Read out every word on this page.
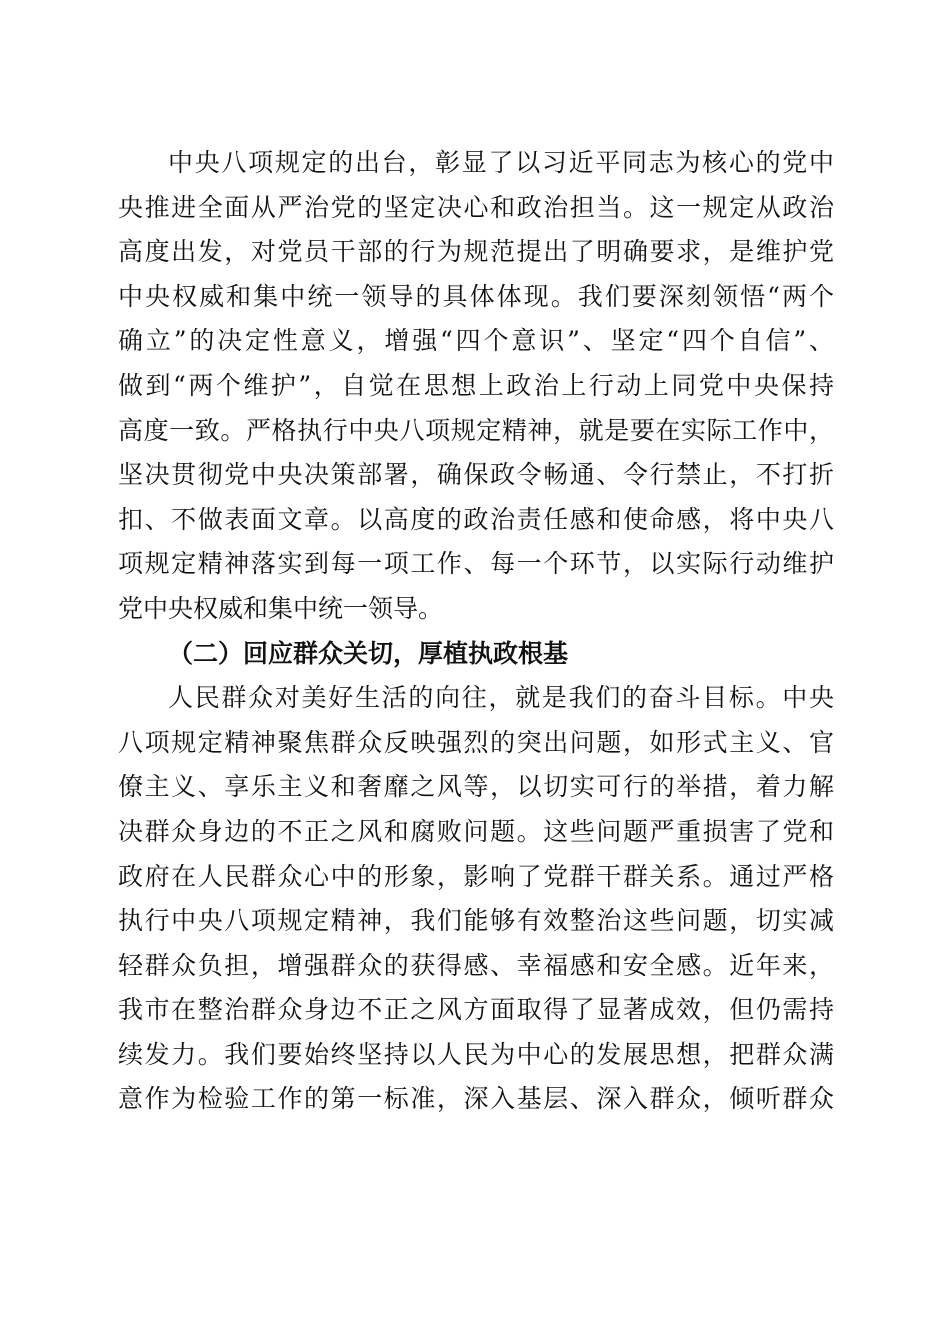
中央八项规定的出台，彰显了以习近平同志为核心的党中
央推进全面从严治党的坚定决心和政治担当。这一规定从政治
高度出发，对党员干部的行为规范提出了明确要求，是维护党
中央权威和集中统一领导的具体体现。我们要深刻领悟“两个
确立”的决定性意义，增强“四个意识”、坚定“四个自信”、
做到“两个维护”，自觉在思想上政治上行动上同党中央保持
高度一致。严格执行中央八项规定精神，就是要在实际工作中，
坚决贯彻党中央决策部署，确保政令畅通、令行禁止，不打折
扣、不做表面文章。以高度的政治责任感和使命感，将中央八
项规定精神落实到每一项工作、每一个环节，以实际行动维护
党中央权威和集中统一领导。
（二）回应群众关切，厚植执政根基
人民群众对美好生活的向往，就是我们的奋斗目标。中央
八项规定精神聚焦群众反映强烈的突出问题，如形式主义、官
僚主义、享乐主义和奢靡之风等，以切实可行的举措，着力解
决群众身边的不正之风和腐败问题。这些问题严重损害了党和
政府在人民群众心中的形象，影响了党群干群关系。通过严格
执行中央八项规定精神，我们能够有效整治这些问题，切实减
轻群众负担，增强群众的获得感、幸福感和安全感。近年来，
我市在整治群众身边不正之风方面取得了显著成效，但仍需持
续发力。我们要始终坚持以人民为中心的发展思想，把群众满
意作为检验工作的第一标准，深入基层、深入群众，倾听群众
